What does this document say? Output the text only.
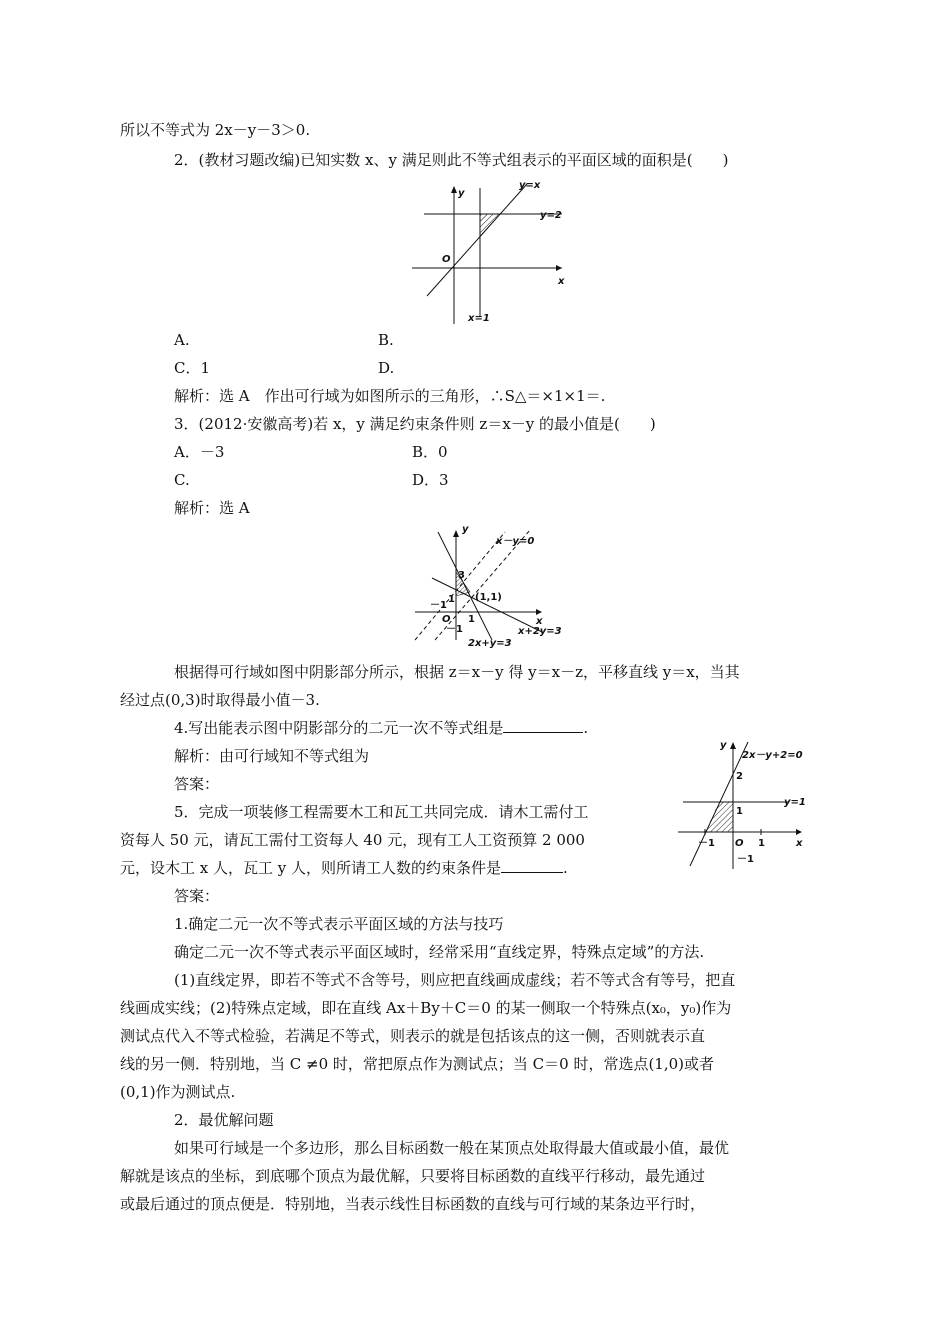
所以不等式为 2x－y－3＞0.
2．(教材习题改编)已知实数 x、y 满足则此不等式组表示的平面区域的面积是(　　)
y
x
O
y=x
y=2
x=1
A.	B.
C．1	D.
解析：选 A　作出可行域为如图所示的三角形，∴S△＝×1×1＝.
3．(2012·安徽高考)若 x，y 满足约束条件则 z＝x－y 的最小值是(　　)
A．－3	B．0
C.	D．3
解析：选 A
y
x
O
x－y=0
3
1
－1
－1
1
(1,1)
x+2y=3
2x+y=3
根据得可行域如图中阴影部分所示，根据 z＝x－y 得 y＝x－z，平移直线 y＝x，当其
经过点(0,3)时取得最小值－3.
4.写出能表示图中阴影部分的二元一次不等式组是	.
解析：由可行域知不等式组为
答案：
5．完成一项装修工程需要木工和瓦工共同完成．请木工需付工
资每人 50 元，请瓦工需付工资每人 40 元，现有工人工资预算 2 000
元，设木工 x 人，瓦工 y 人，则所请工人数的约束条件是	.
答案：
y
x
O
2x－y+2=0
y=1
2
1
－1	1
－1
1.确定二元一次不等式表示平面区域的方法与技巧
确定二元一次不等式表示平面区域时，经常采用“直线定界，特殊点定域”的方法.
(1)直线定界，即若不等式不含等号，则应把直线画成虚线；若不等式含有等号，把直
线画成实线；(2)特殊点定域，即在直线 Ax＋By＋C＝0 的某一侧取一个特殊点(x₀，y₀)作为
测试点代入不等式检验，若满足不等式，则表示的就是包括该点的这一侧，否则就表示直
线的另一侧．特别地，当 C ≠0 时，常把原点作为测试点；当 C＝0 时，常选点(1,0)或者
(0,1)作为测试点.
2．最优解问题
如果可行域是一个多边形，那么目标函数一般在某顶点处取得最大值或最小值，最优
解就是该点的坐标，到底哪个顶点为最优解，只要将目标函数的直线平行移动，最先通过
或最后通过的顶点便是．特别地，当表示线性目标函数的直线与可行域的某条边平行时，
